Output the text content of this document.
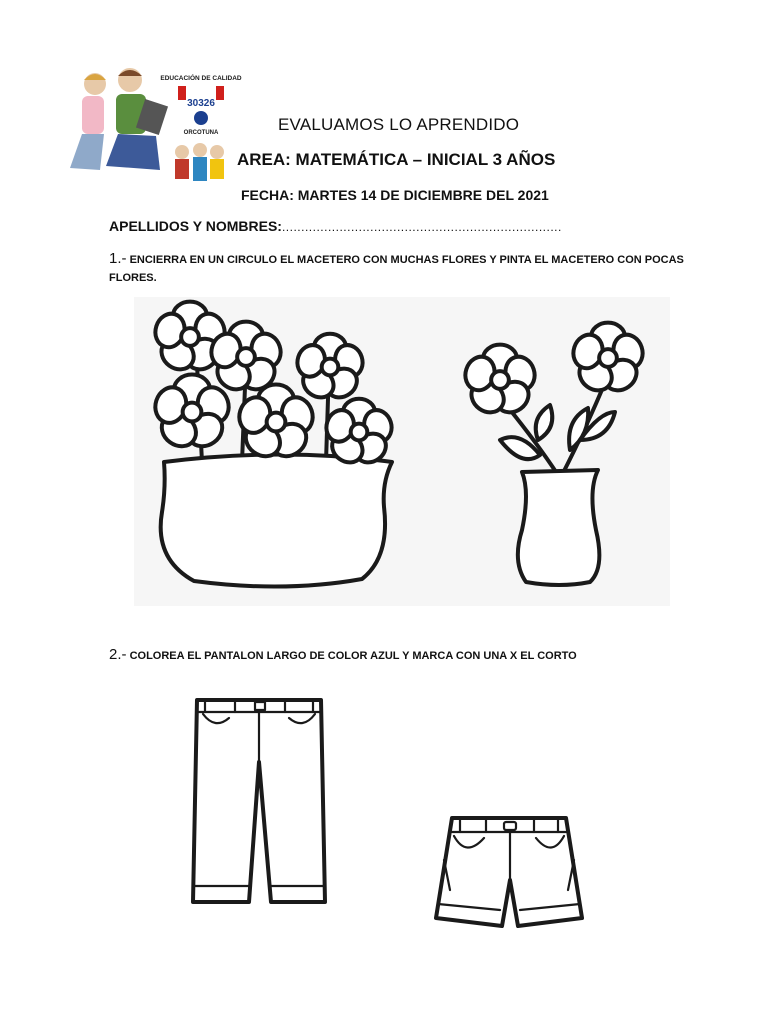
EDUCACIÓN DE CALIDAD
30326
ORCOTUNA	EVALUAMOS LO APRENDIDO
AREA: MATEMÁTICA – INICIAL 3 AÑOS
FECHA: MARTES 14 DE DICIEMBRE DEL 2021
APELLIDOS Y NOMBRES:.........................................................................
1.- ENCIERRA EN UN CIRCULO EL MACETERO CON MUCHAS FLORES Y PINTA EL MACETERO CON POCAS FLORES.
2.- COLOREA EL PANTALON LARGO DE COLOR AZUL Y MARCA CON UNA X EL CORTO
